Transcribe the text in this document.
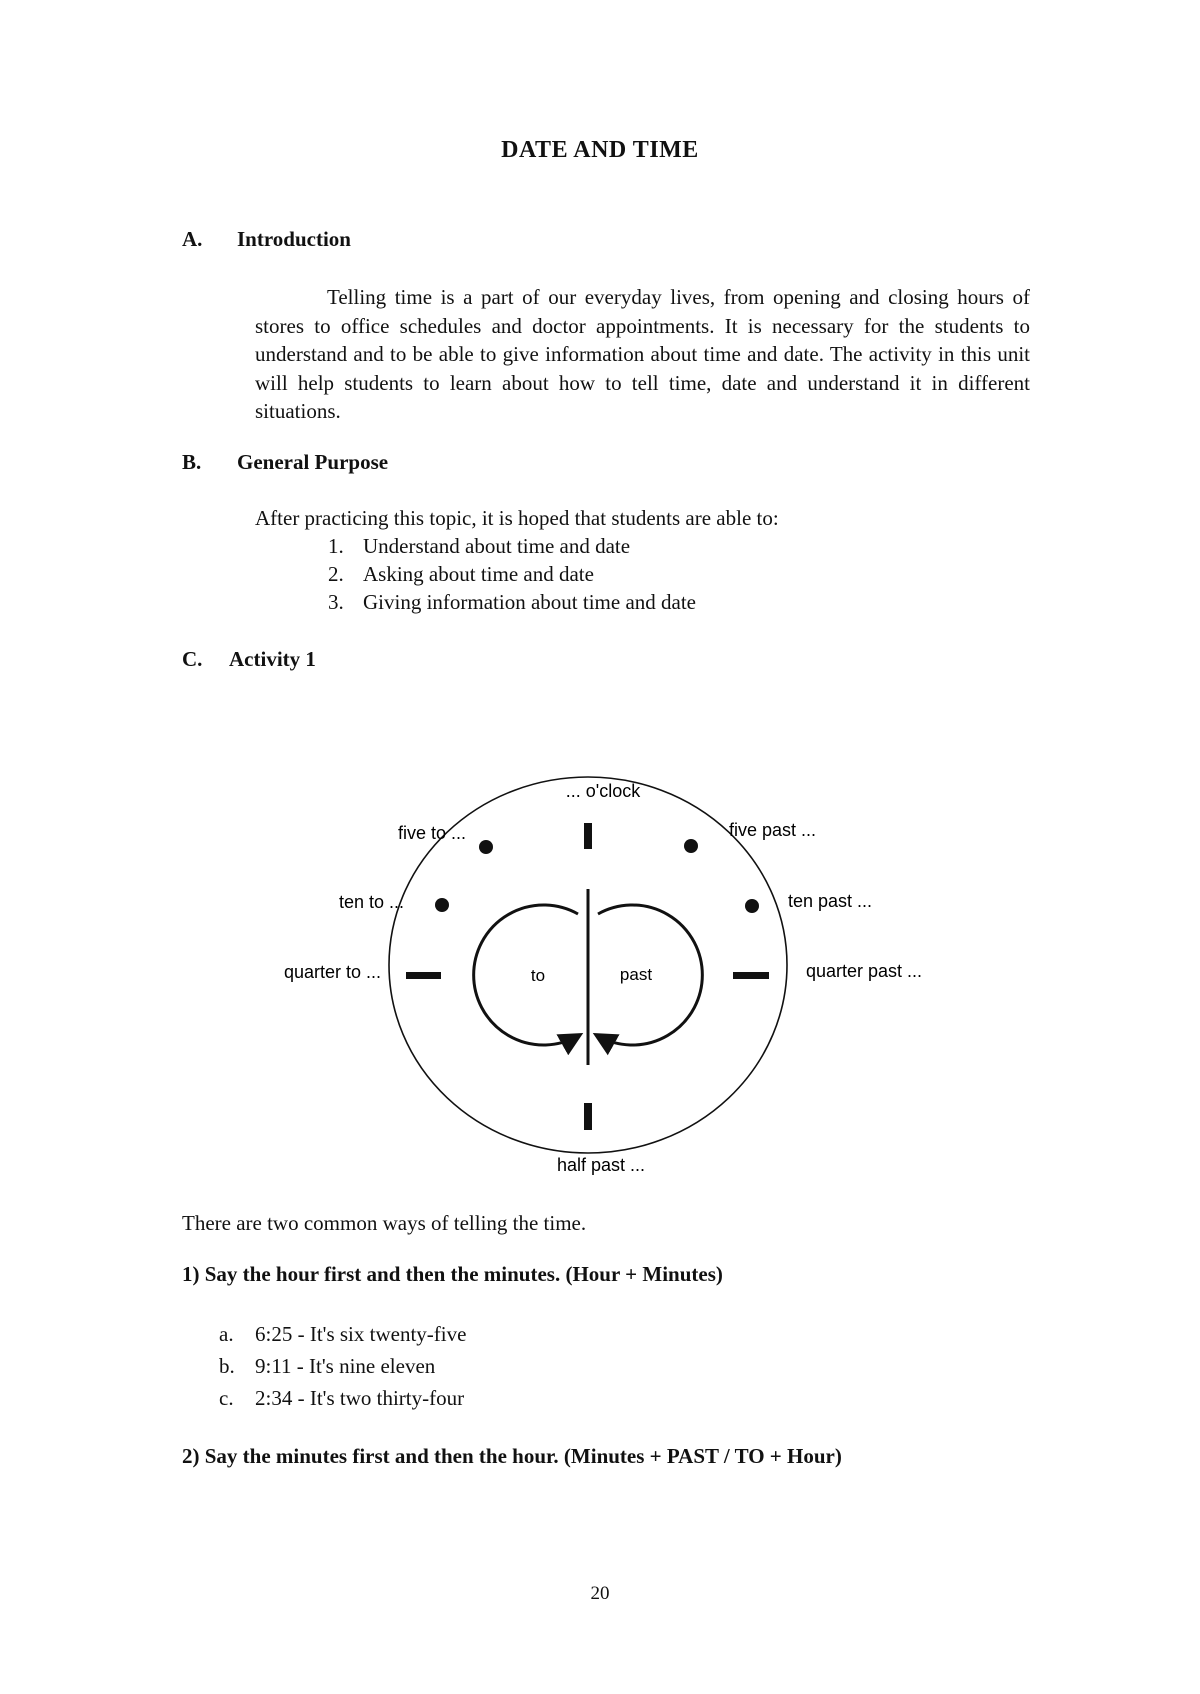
DATE AND TIME
A. Introduction
Telling time is a part of our everyday lives, from opening and closing hours of stores to office schedules and doctor appointments. It is necessary for the students to understand and to be able to give information about time and date. The activity in this unit will help students to learn about how to tell time, date and understand it in different situations.
B. General Purpose
After practicing this topic, it is hoped that students are able to:
1. Understand about time and date
2. Asking about time and date
3. Giving information about time and date
C. Activity 1
... o'clock
five past ...
ten past ...
quarter past ...
half past ...
quarter to ...
ten to ...
five to ...
to	past
There are two common ways of telling the time.
1) Say the hour first and then the minutes. (Hour + Minutes)
a. 6:25 - It's six twenty-five
b. 9:11 - It's nine eleven
c. 2:34 - It's two thirty-four
2) Say the minutes first and then the hour. (Minutes + PAST / TO + Hour)
20
